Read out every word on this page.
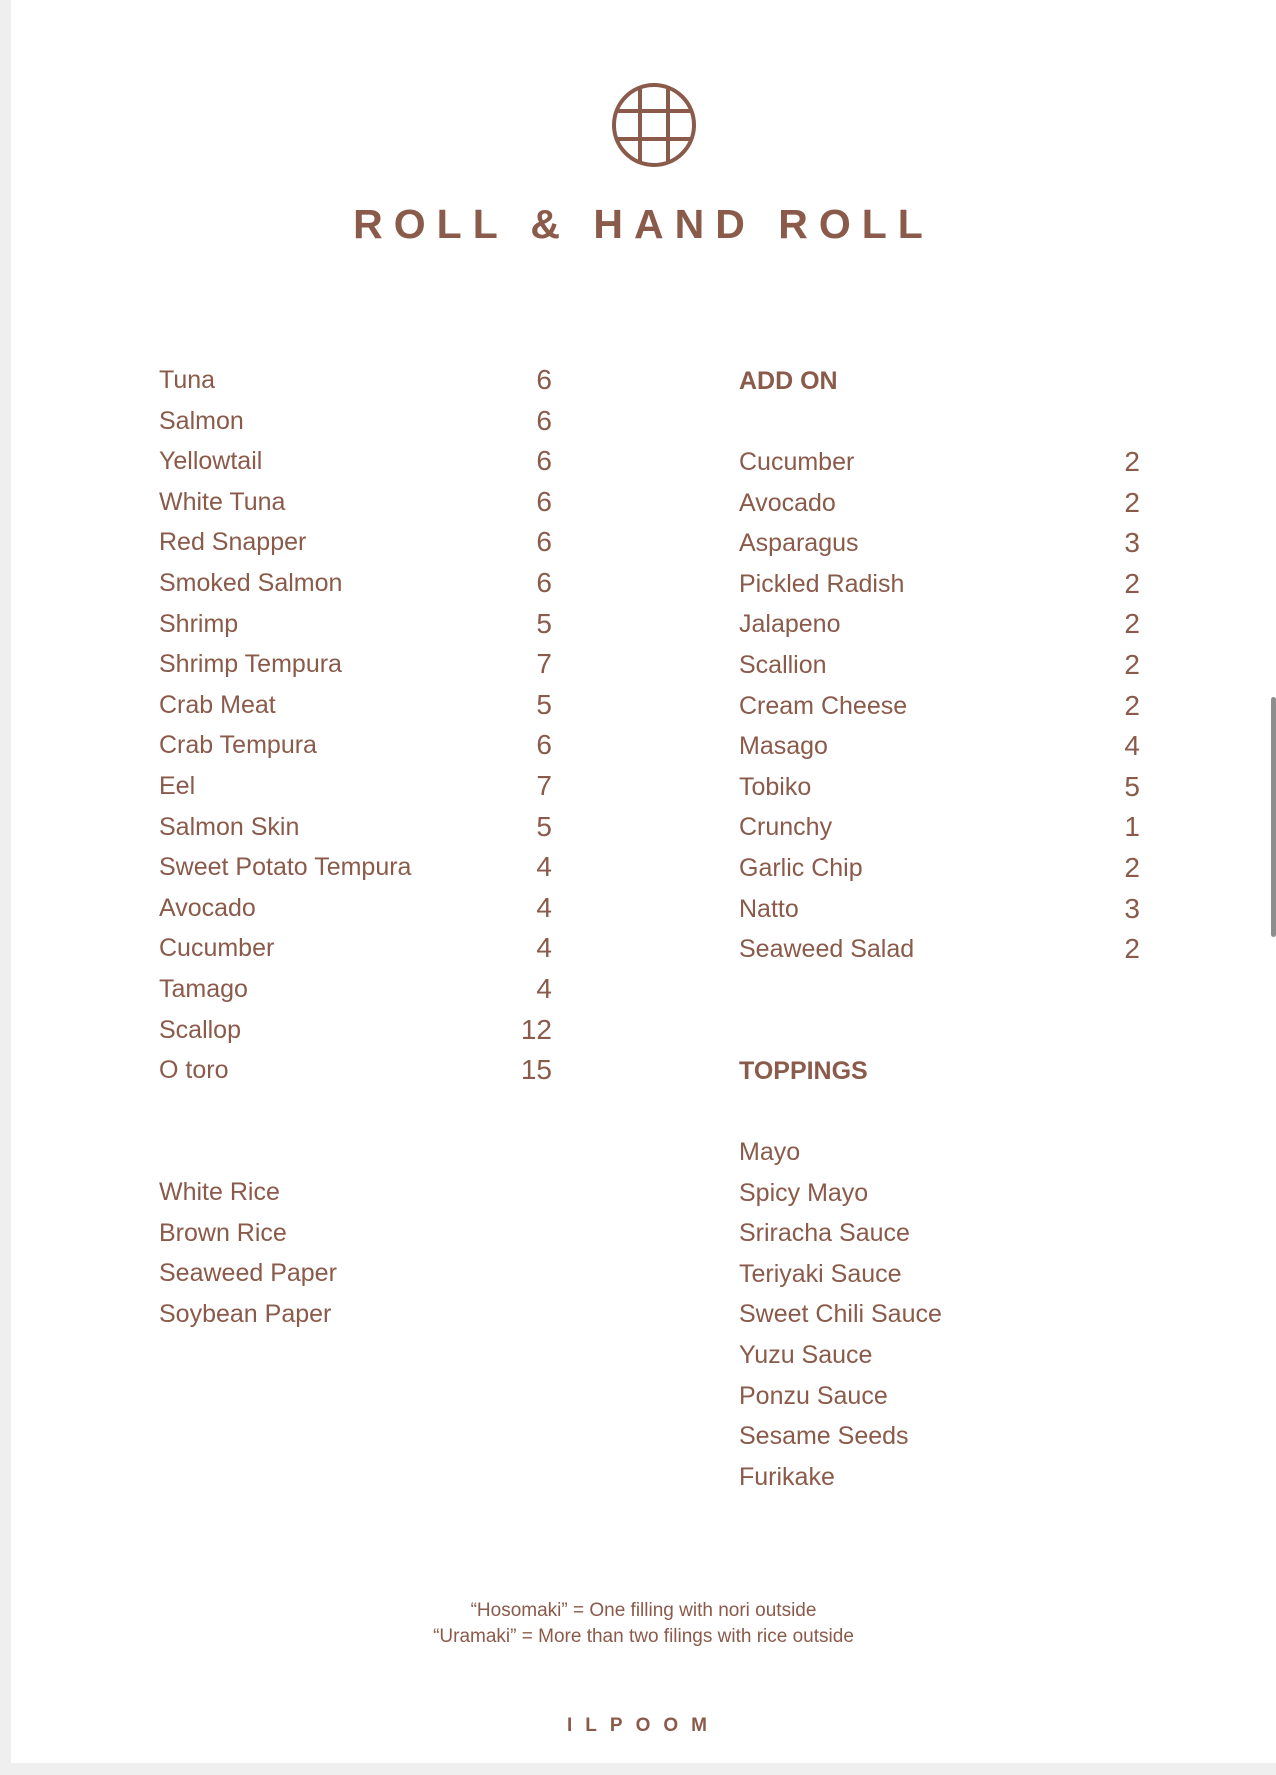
ROLL & HAND ROLL
Tuna	6
Salmon	6
Yellowtail	6
White Tuna	6
Red Snapper	6
Smoked Salmon	6
Shrimp	5
Shrimp Tempura	7
Crab Meat	5
Crab Tempura	6
Eel	7
Salmon Skin	5
Sweet Potato Tempura	4
Avocado	4
Cucumber	4
Tamago	4
Scallop	12
O toro	15
White Rice
Brown Rice
Seaweed Paper
Soybean Paper
ADD ON
Cucumber	2
Avocado	2
Asparagus	3
Pickled Radish	2
Jalapeno	2
Scallion	2
Cream Cheese	2
Masago	4
Tobiko	5
Crunchy	1
Garlic Chip	2
Natto	3
Seaweed Salad	2
TOPPINGS
Mayo
Spicy Mayo
Sriracha Sauce
Teriyaki Sauce
Sweet Chili Sauce
Yuzu Sauce
Ponzu Sauce
Sesame Seeds
Furikake
“Hosomaki” = One filling with nori outside
“Uramaki” = More than two filings with rice outside
ILPOOM
